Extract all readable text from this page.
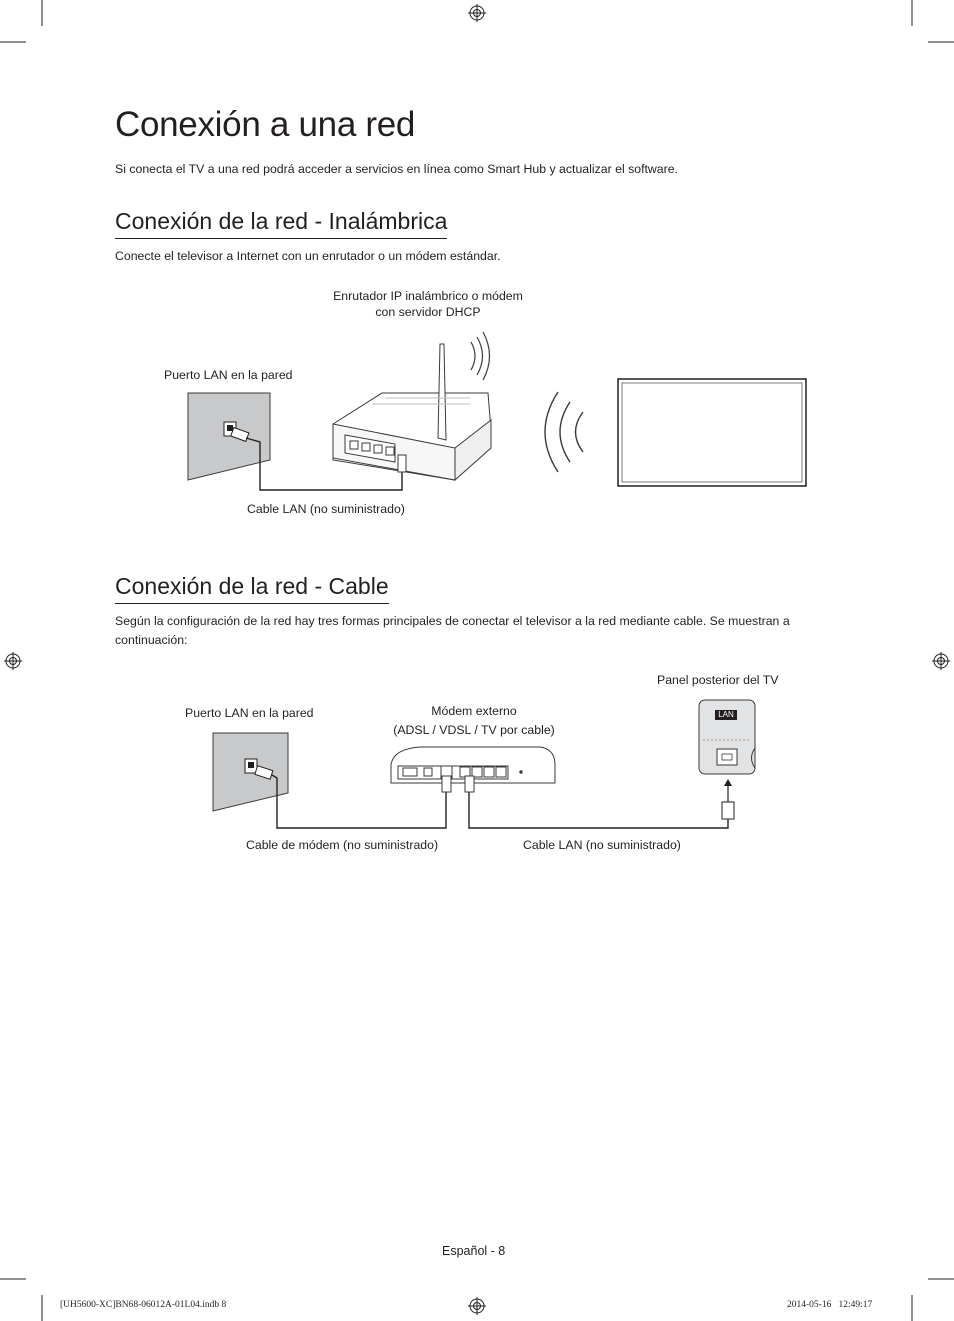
Conexión a una red

Si conecta el TV a una red podrá acceder a servicios en línea como Smart Hub y actualizar el software.

Conexión de la red - Inalámbrica

Conecte el televisor a Internet con un enrutador o un módem estándar.

Enrutador IP inalámbrico o módem
con servidor DHCP
Puerto LAN en la pared
Cable LAN (no suministrado)
Conexión de la red - Cable

Según la configuración de la red hay tres formas principales de conectar el televisor a la red mediante cable. Se muestran a continuación:

LAN
Panel posterior del TV
Puerto LAN en la pared	Módem externo
(ADSL / VDSL / TV por cable)
Cable de módem (no suministrado)	Cable LAN (no suministrado)
Español - 8
[UH5600-XC]BN68-06012A-01L04.indb 8	2014-05-16   12:49:17
